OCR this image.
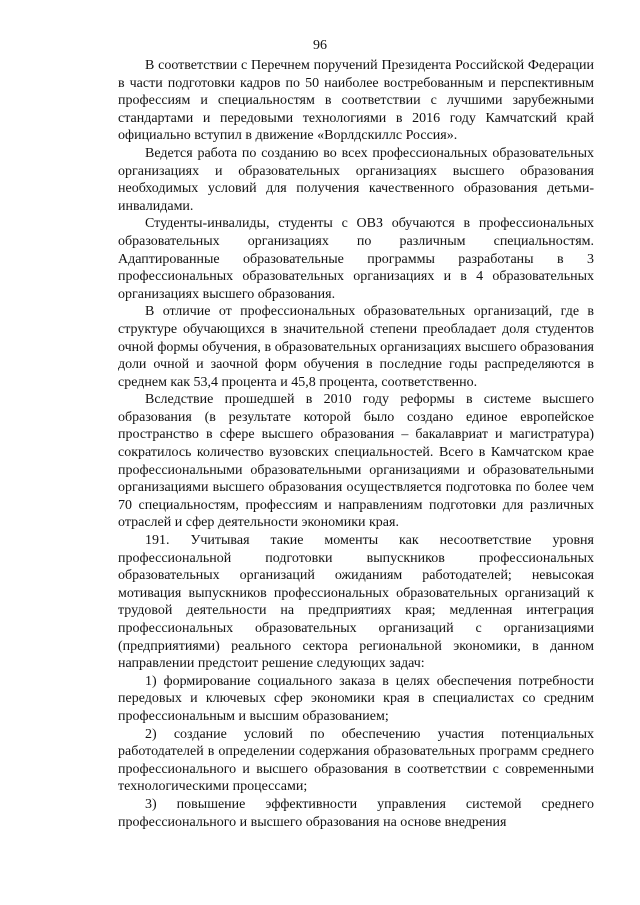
96

В соответствии с Перечнем поручений Президента Российской Федерации в части подготовки кадров по 50 наиболее востребованным и перспективным профессиям и специальностям в соответствии с лучшими зарубежными стандартами и передовыми технологиями в 2016 году Камчатский край официально вступил в движение «Ворлдскиллс Россия».

Ведется работа по созданию во всех профессиональных образовательных организациях и образовательных организациях высшего образования необходимых условий для получения качественного образования детьми-инвалидами.

Студенты-инвалиды, студенты с ОВЗ обучаются в профессиональных образовательных организациях по различным специальностям. Адаптированные образовательные программы разработаны в 3 профессиональных образовательных организациях и в 4 образовательных организациях высшего образования.

В отличие от профессиональных образовательных организаций, где в структуре обучающихся в значительной степени преобладает доля студентов очной формы обучения, в образовательных организациях высшего образования доли очной и заочной форм обучения в последние годы распределяются в среднем как 53,4 процента и 45,8 процента, соответственно.

Вследствие прошедшей в 2010 году реформы в системе высшего образования (в результате которой было создано единое европейское пространство в сфере высшего образования – бакалавриат и магистратура) сократилось количество вузовских специальностей. Всего в Камчатском крае профессиональными образовательными организациями и образовательными организациями высшего образования осуществляется подготовка по более чем 70 специальностям, профессиям и направлениям подготовки для различных отраслей и сфер деятельности экономики края.

191. Учитывая такие моменты как несоответствие уровня профессиональной подготовки выпускников профессиональных образовательных организаций ожиданиям работодателей; невысокая мотивация выпускников профессиональных образовательных организаций к трудовой деятельности на предприятиях края; медленная интеграция профессиональных образовательных организаций с организациями (предприятиями) реального сектора региональной экономики, в данном направлении предстоит решение следующих задач:

1) формирование социального заказа в целях обеспечения потребности передовых и ключевых сфер экономики края в специалистах со средним профессиональным и высшим образованием;

2) создание условий по обеспечению участия потенциальных работодателей в определении содержания образовательных программ среднего профессионального и высшего образования в соответствии с современными технологическими процессами;

3) повышение эффективности управления системой среднего профессионального и высшего образования на основе внедрения
